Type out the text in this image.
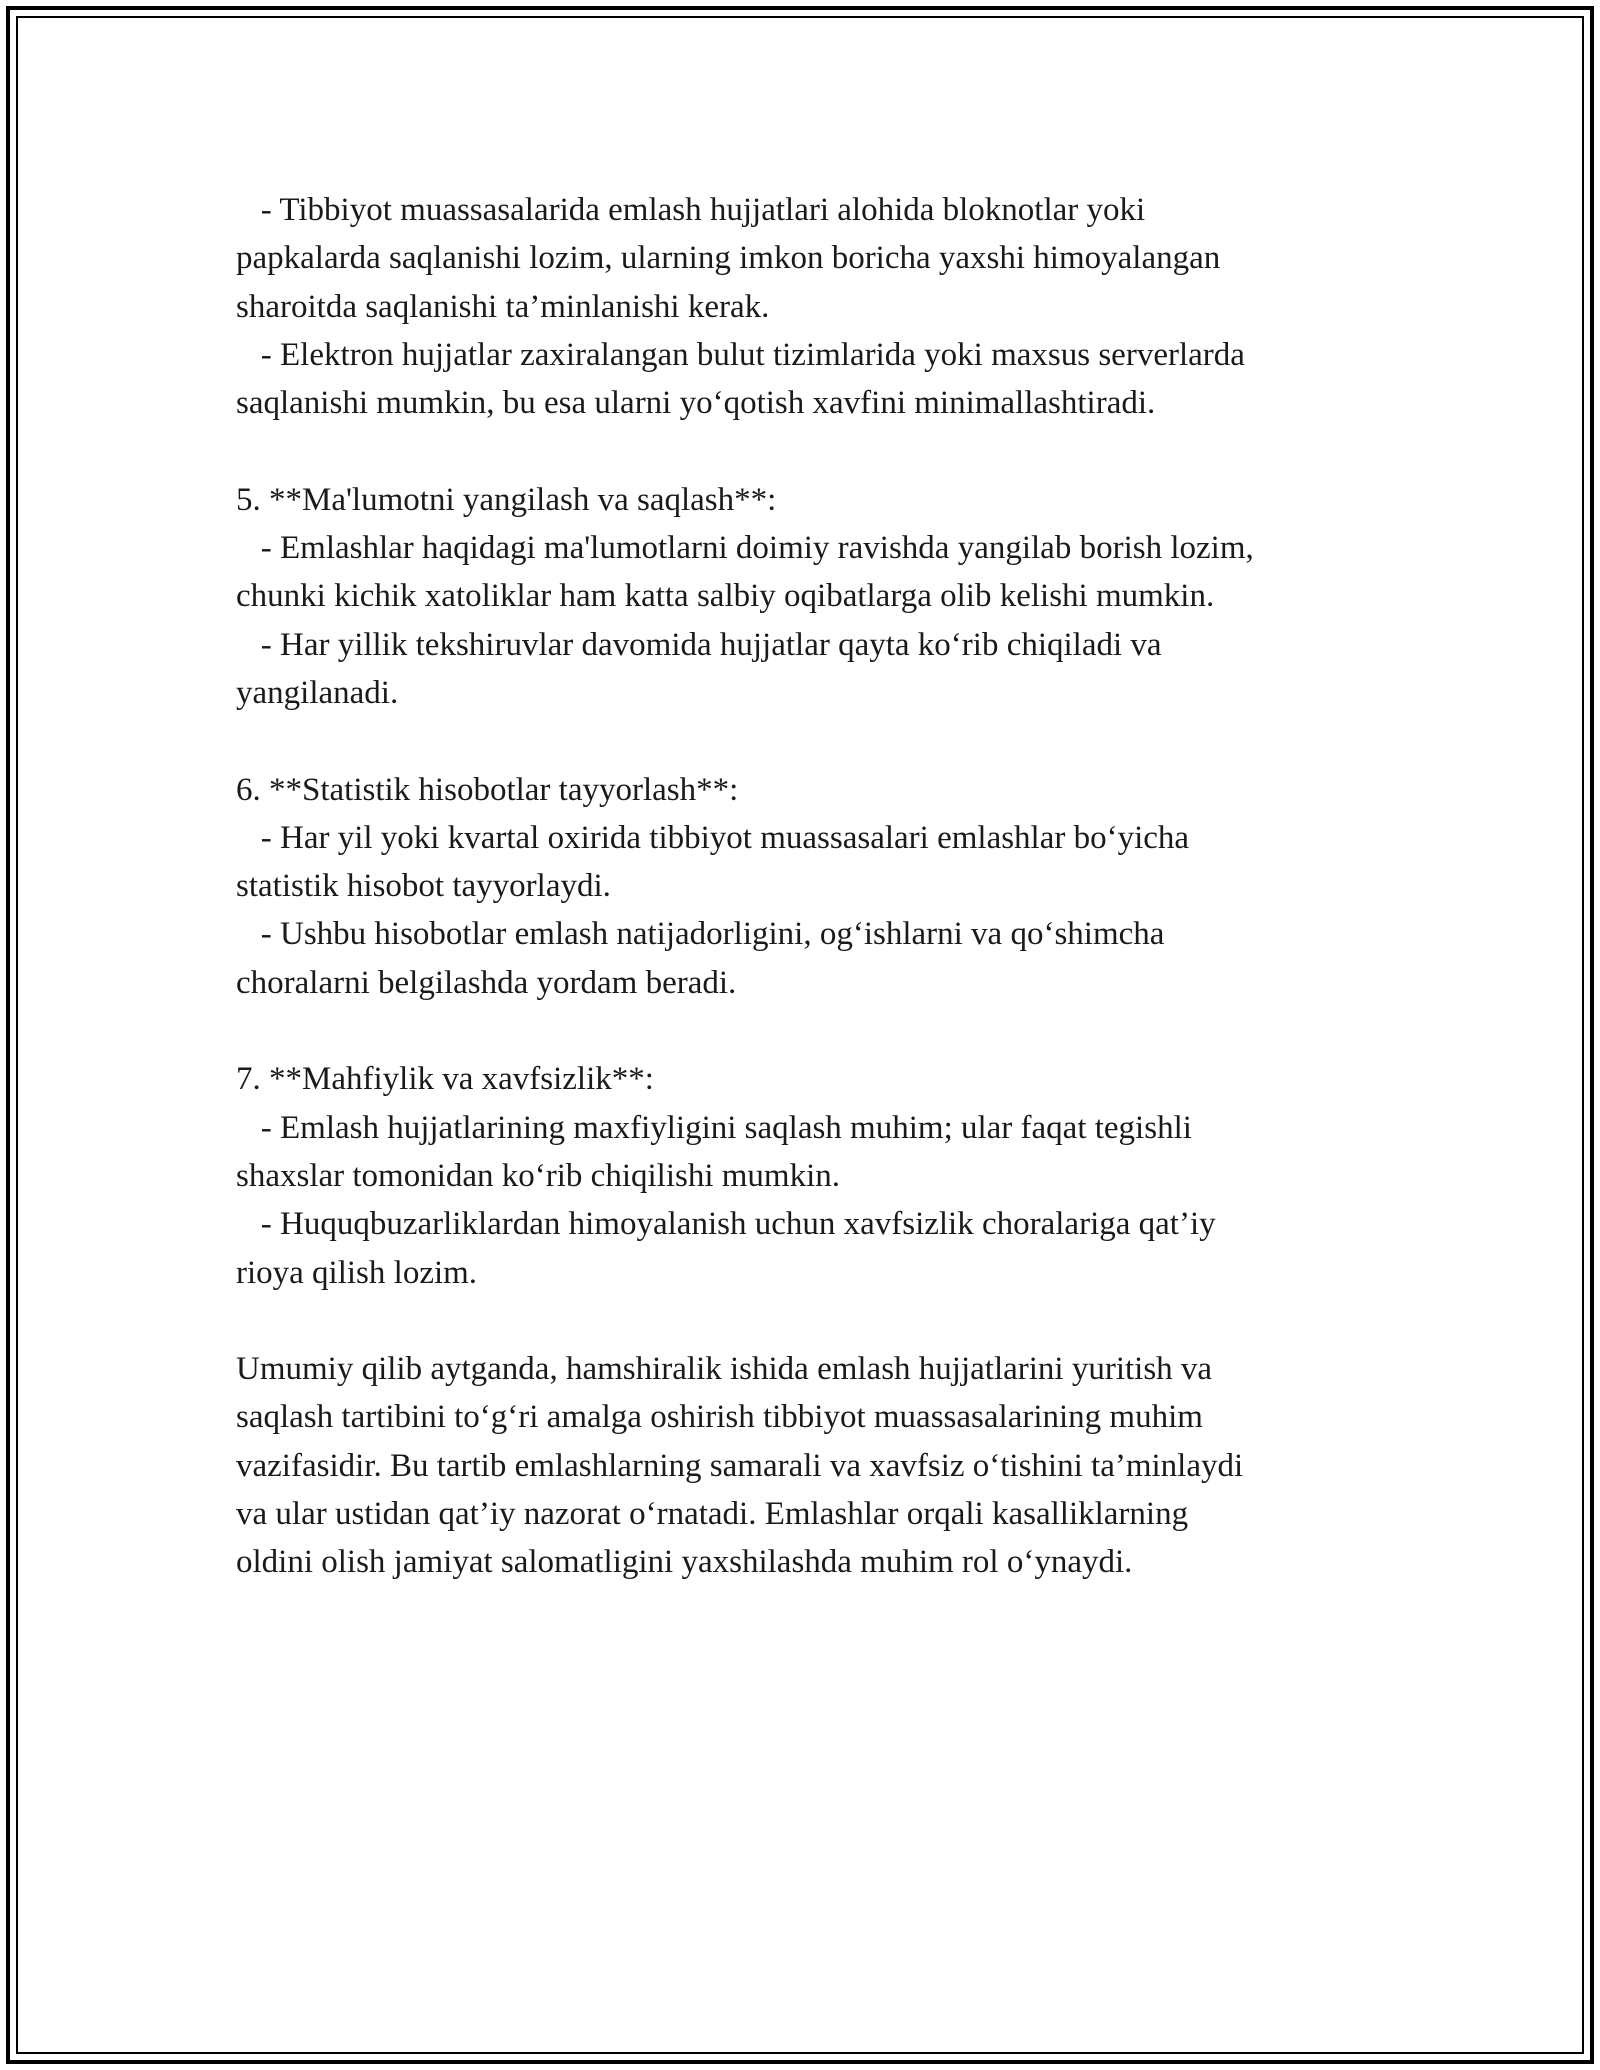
- Tibbiyot muassasalarida emlash hujjatlari alohida bloknotlar yoki
papkalarda saqlanishi lozim, ularning imkon boricha yaxshi himoyalangan
sharoitda saqlanishi ta’minlanishi kerak.
- Elektron hujjatlar zaxiralangan bulut tizimlarida yoki maxsus serverlarda
saqlanishi mumkin, bu esa ularni yo‘qotish xavfini minimallashtiradi.
5. **Ma'lumotni yangilash va saqlash**:
- Emlashlar haqidagi ma'lumotlarni doimiy ravishda yangilab borish lozim,
chunki kichik xatoliklar ham katta salbiy oqibatlarga olib kelishi mumkin.
- Har yillik tekshiruvlar davomida hujjatlar qayta ko‘rib chiqiladi va
yangilanadi.
6. **Statistik hisobotlar tayyorlash**:
- Har yil yoki kvartal oxirida tibbiyot muassasalari emlashlar bo‘yicha
statistik hisobot tayyorlaydi.
- Ushbu hisobotlar emlash natijadorligini, og‘ishlarni va qo‘shimcha
choralarni belgilashda yordam beradi.
7. **Mahfiylik va xavfsizlik**:
- Emlash hujjatlarining maxfiyligini saqlash muhim; ular faqat tegishli
shaxslar tomonidan ko‘rib chiqilishi mumkin.
- Huquqbuzarliklardan himoyalanish uchun xavfsizlik choralariga qat’iy
rioya qilish lozim.
Umumiy qilib aytganda, hamshiralik ishida emlash hujjatlarini yuritish va
saqlash tartibini to‘g‘ri amalga oshirish tibbiyot muassasalarining muhim
vazifasidir. Bu tartib emlashlarning samarali va xavfsiz o‘tishini ta’minlaydi
va ular ustidan qat’iy nazorat o‘rnatadi. Emlashlar orqali kasalliklarning
oldini olish jamiyat salomatligini yaxshilashda muhim rol o‘ynaydi.
